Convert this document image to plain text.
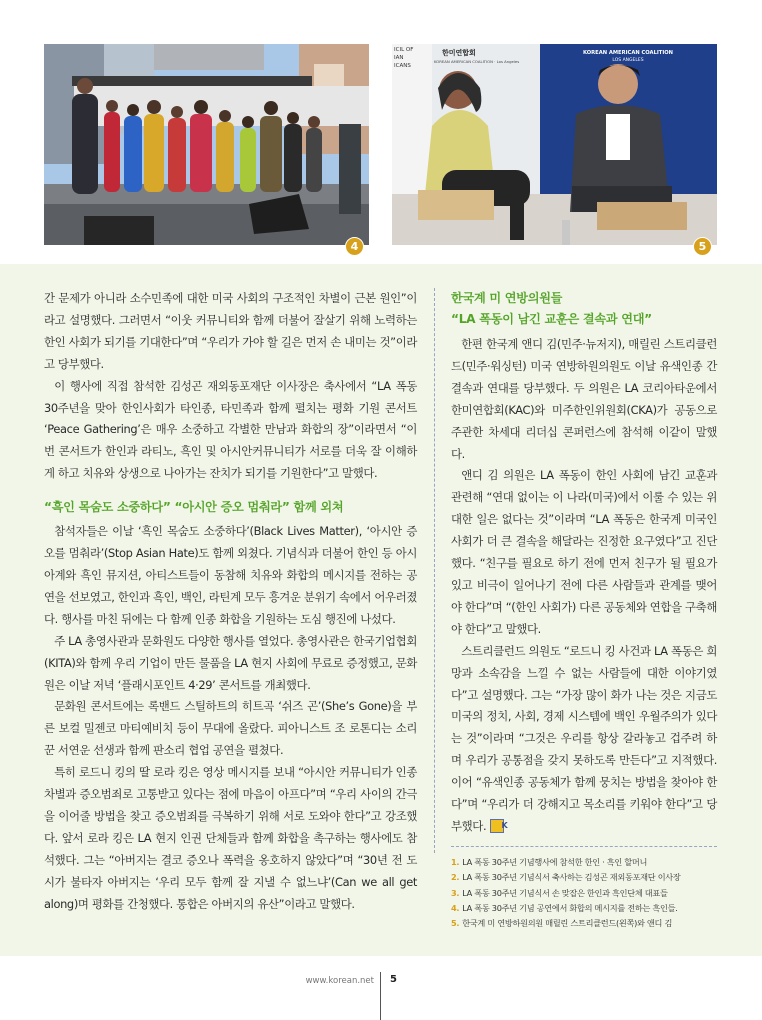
4
ICIL OF
IAN
ICANS
한미연합회
KOREAN AMERICAN COALITION · Los Angeles
KOREAN AMERICAN COALITION
LOS ANGELES
5

간 문제가 아니라 소수민족에 대한 미국 사회의 구조적인 차별이 근본 원인”이라고 설명했다. 그러면서 “이웃 커뮤니티와 함께 더불어 잘살기 위해 노력하는 한인 사회가 되기를 기대한다”며 “우리가 가야 할 길은 먼저 손 내미는 것”이라고 당부했다.

이 행사에 직접 참석한 김성곤 재외동포재단 이사장은 축사에서 “LA 폭동 30주년을 맞아 한인사회가 타인종, 타민족과 함께 펼치는 평화 기원 콘서트 ‘Peace Gathering’은 매우 소중하고 각별한 만남과 화합의 장”이라면서 “이번 콘서트가 한인과 라티노, 흑인 및 아시안커뮤니티가 서로를 더욱 잘 이해하게 하고 치유와 상생으로 나아가는 잔치가 되기를 기원한다”고 말했다.

“흑인 목숨도 소중하다” “아시안 증오 멈춰라” 함께 외쳐

참석자들은 이날 ‘흑인 목숨도 소중하다’(Black Lives Matter), ‘아시안 증오를 멈춰라’(Stop Asian Hate)도 함께 외쳤다. 기념식과 더불어 한인 등 아시아계와 흑인 뮤지션, 아티스트들이 동참해 치유와 화합의 메시지를 전하는 공연을 선보였고, 한인과 흑인, 백인, 라틴계 모두 흥겨운 분위기 속에서 어우러졌다. 행사를 마친 뒤에는 다 함께 인종 화합을 기원하는 도심 행진에 나섰다.

주 LA 총영사관과 문화원도 다양한 행사를 열었다. 총영사관은 한국기업협회(KITA)와 함께 우리 기업이 만든 물품을 LA 현지 사회에 무료로 증정했고, 문화원은 이날 저녁 ‘플래시포인트 4·29’ 콘서트를 개최했다.

문화원 콘서트에는 록밴드 스틸하트의 히트곡 ‘쉬즈 곤’(She’s Gone)을 부른 보컬 밀젠코 마티예비치 등이 무대에 올랐다. 피아니스트 조 로톤디는 소리꾼 서연운 선생과 함께 판소리 협업 공연을 펼쳤다.

특히 로드니 킹의 딸 로라 킹은 영상 메시지를 보내 “아시안 커뮤니티가 인종차별과 증오범죄로 고통받고 있다는 점에 마음이 아프다”며 “우리 사이의 간극을 이어줄 방법을 찾고 증오범죄를 극복하기 위해 서로 도와야 한다”고 강조했다. 앞서 로라 킹은 LA 현지 인권 단체들과 함께 화합을 촉구하는 행사에도 참석했다. 그는 “아버지는 결코 증오나 폭력을 옹호하지 않았다”며 “30년 전 도시가 불타자 아버지는 ‘우리 모두 함께 잘 지낼 수 없느냐’(Can we all get along)며 평화를 간청했다. 통합은 아버지의 유산”이라고 말했다.

한국계 미 연방의원들
“LA 폭동이 남긴 교훈은 결속과 연대”

한편 한국계 앤디 김(민주·뉴저지), 매릴린 스트리클런드(민주·워싱턴) 미국 연방하원의원도 이날 유색인종 간 결속과 연대를 당부했다. 두 의원은 LA 코리아타운에서 한미연합회(KAC)와 미주한인위원회(CKA)가 공동으로 주관한 차세대 리더십 콘퍼런스에 참석해 이같이 말했다.

앤디 김 의원은 LA 폭동이 한인 사회에 남긴 교훈과 관련해 “연대 없이는 이 나라(미국)에서 이룰 수 있는 위대한 일은 없다는 것”이라며 “LA 폭동은 한국계 미국인 사회가 더 큰 결속을 해달라는 진정한 요구였다”고 진단했다. “친구를 필요로 하기 전에 먼저 친구가 될 필요가 있고 비극이 일어나기 전에 다른 사람들과 관계를 맺어야 한다”며 “(한인 사회가) 다른 공동체와 연합을 구축해야 한다”고 말했다.

스트리클런드 의원도 “로드니 킹 사건과 LA 폭동은 희망과 소속감을 느낄 수 없는 사람들에 대한 이야기였다”고 설명했다. 그는 “가장 많이 화가 나는 것은 지금도 미국의 정치, 사회, 경제 시스템에 백인 우월주의가 있다는 것”이라며 “그것은 우리를 항상 갈라놓고 겁주려 하며 우리가 공통점을 갖지 못하도록 만든다”고 지적했다. 이어 “유색인종 공동체가 함께 뭉치는 방법을 찾아야 한다”며 “우리가 더 강해지고 목소리를 키워야 한다”고 당부했다. K

1. LA 폭동 30주년 기념행사에 참석한 한인 · 흑인 할머니
2. LA 폭동 30주년 기념식서 축사하는 김성곤 재외동포재단 이사장
3. LA 폭동 30주년 기념식서 손 맞잡은 한인과 흑인단체 대표들
4. LA 폭동 30주년 기념 공연에서 화합의 메시지를 전하는 흑인들.
5. 한국계 미 연방하원의원 매릴린 스트리클런드(왼쪽)와 앤디 김
www.korean.net 5
